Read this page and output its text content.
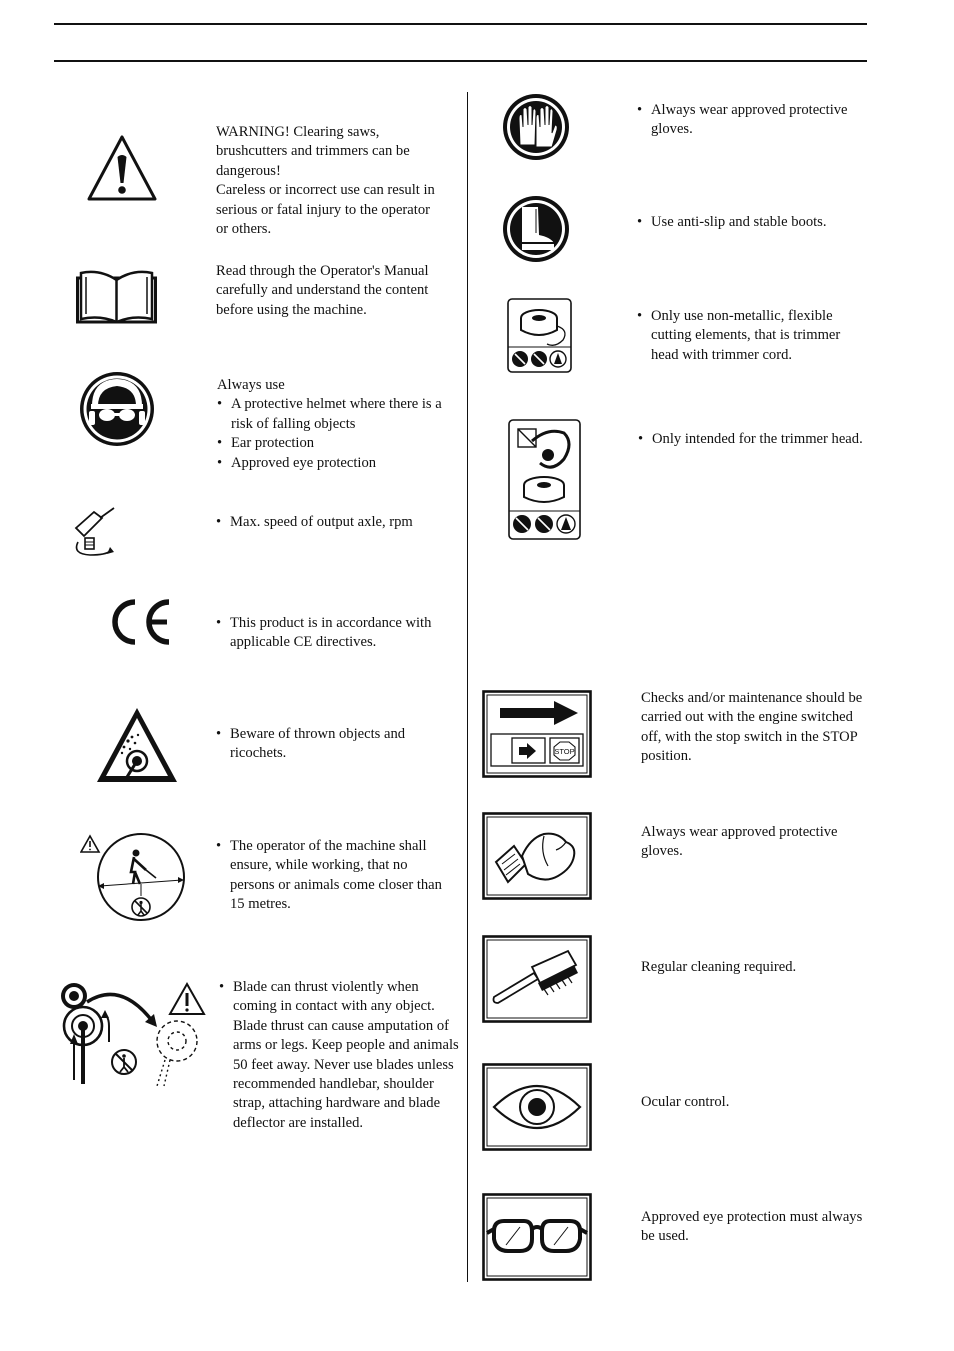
WARNING! Clearing saws,

brushcutters and trimmers can be

dangerous!

Careless or incorrect use can result in

serious or fatal injury to the operator

or others.

Read through the Operator's Manual carefully and understand the content before using the machine.

Always use

• A protective helmet where there is a risk of falling objects
• Ear protection
• Approved eye protection
• Max. speed of output axle, rpm
• This product is in accordance with applicable CE directives.
• Beware of thrown objects and ricochets.
• The operator of the machine shall ensure, while working, that no persons or animals come closer than 15 metres.
• Blade can thrust violently when coming in contact with any object. Blade thrust can cause amputation of arms or legs. Keep people and animals 50 feet away. Never use blades unless recommended handlebar, shoulder strap, attaching hardware and blade deflector are installed.
• Always wear approved protective gloves.
• Use anti-slip and stable boots.
• Only use non-metallic, flexible cutting elements, that is trimmer head with trimmer cord.
• Only intended for the trimmer head.
STOP

Checks and/or maintenance should be carried out with the engine switched off, with the stop switch in the STOP position.

Always wear approved protective gloves.

Regular cleaning required.

Ocular control.

Approved eye protection must always be used.
